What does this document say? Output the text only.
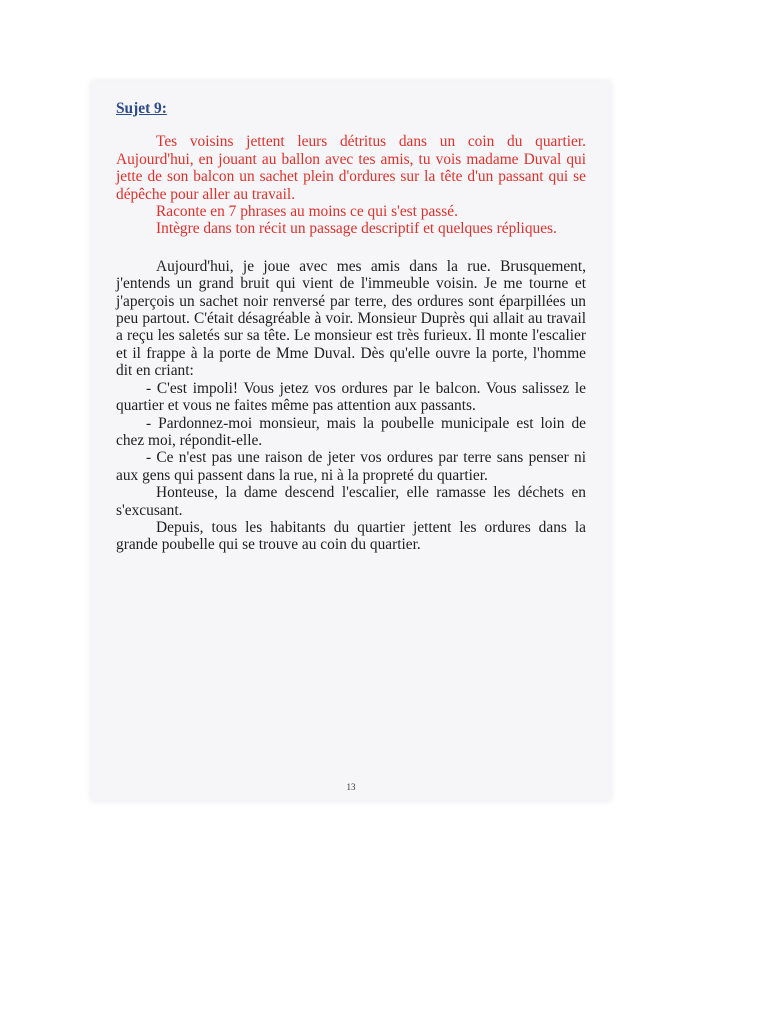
Sujet 9:

Tes voisins jettent leurs détritus dans un coin du quartier. Aujourd'hui, en jouant au ballon avec tes amis, tu vois madame Duval qui jette de son balcon un sachet plein d'ordures sur la tête d'un passant qui se dépêche pour aller au travail.

Raconte en 7 phrases au moins ce qui s'est passé.

Intègre dans ton récit un passage descriptif et quelques répliques.

Aujourd'hui, je joue avec mes amis dans la rue. Brusquement, j'entends un grand bruit qui vient de l'immeuble voisin. Je me tourne et j'aperçois un sachet noir renversé par terre, des ordures sont éparpillées un peu partout. C'était désagréable à voir. Monsieur Duprès qui allait au travail a reçu les saletés sur sa tête. Le monsieur est très furieux. Il monte l'escalier et il frappe à la porte de Mme Duval. Dès qu'elle ouvre la porte, l'homme dit en criant:

- C'est impoli! Vous jetez vos ordures par le balcon. Vous salissez le quartier et vous ne faites même pas attention aux passants.

- Pardonnez-moi monsieur, mais la poubelle municipale est loin de chez moi, répondit-elle.

- Ce n'est pas une raison de jeter vos ordures par terre sans penser ni aux gens qui passent dans la rue, ni à la propreté du quartier.

Honteuse, la dame descend l'escalier, elle ramasse les déchets en s'excusant.

Depuis, tous les habitants du quartier jettent les ordures dans la grande poubelle qui se trouve au coin du quartier.

13
